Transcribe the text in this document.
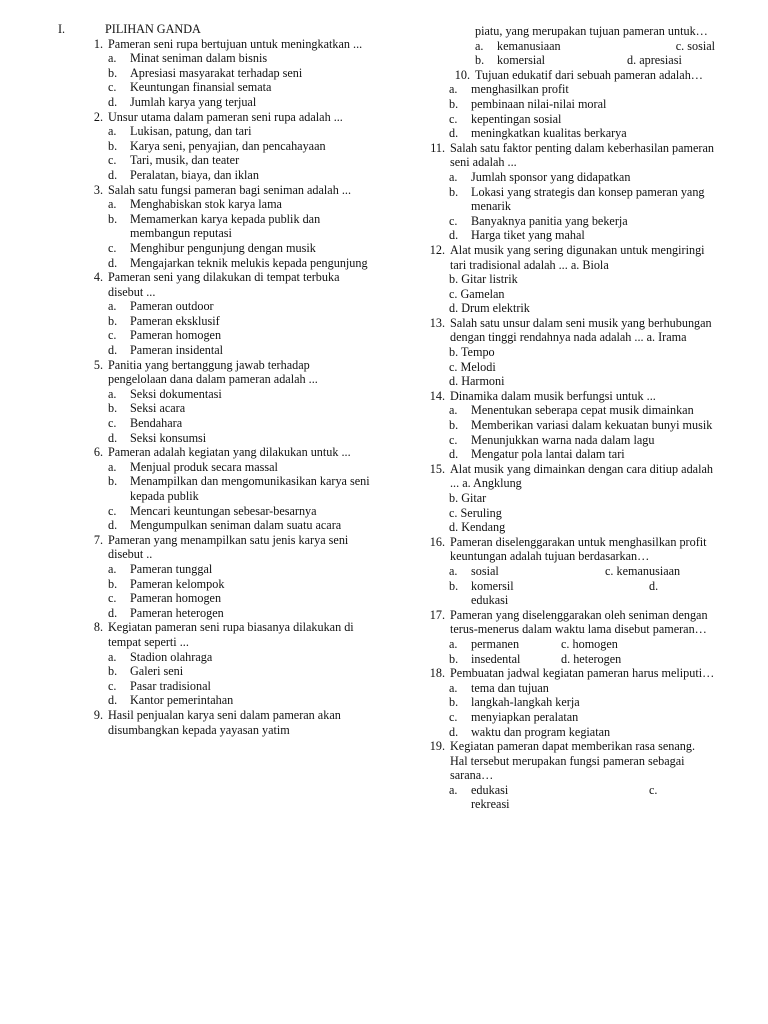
I.	PILIHAN GANDA
1. Pameran seni rupa bertujuan untuk meningkatkan ...
a.	Minat seniman dalam bisnis
b.	Apresiasi masyarakat terhadap seni
c.	Keuntungan finansial semata
d.	Jumlah karya yang terjual
2. Unsur utama dalam pameran seni rupa adalah ...
a.	Lukisan, patung, dan tari
b.	Karya seni, penyajian, dan pencahayaan
c.	Tari, musik, dan teater
d.	Peralatan, biaya, dan iklan
3. Salah satu fungsi pameran bagi seniman adalah ...
a.	Menghabiskan stok karya lama
b.	Memamerkan karya kepada publik dan membangun reputasi
c.	Menghibur pengunjung dengan musik
d.	Mengajarkan teknik melukis kepada pengunjung
4. Pameran seni yang dilakukan di tempat terbuka disebut ...
a.	Pameran outdoor
b.	Pameran eksklusif
c.	Pameran homogen
d.	Pameran insidental
5. Panitia yang bertanggung jawab terhadap pengelolaan dana dalam pameran adalah ...
a.	Seksi dokumentasi
b.	Seksi acara
c.	Bendahara
d.	Seksi konsumsi
6. Pameran adalah kegiatan yang dilakukan untuk ...
a.	Menjual produk secara massal
b.	Menampilkan dan mengomunikasikan karya seni kepada publik
c.	Mencari keuntungan sebesar-besarnya
d.	Mengumpulkan seniman dalam suatu acara
7. Pameran yang menampilkan satu jenis karya seni disebut ..
a.	Pameran tunggal
b.	Pameran kelompok
c.	Pameran homogen
d.	Pameran heterogen
8. Kegiatan pameran seni rupa biasanya dilakukan di tempat seperti ...
a.	Stadion olahraga
b.	Galeri seni
c.	Pasar tradisional
d.	Kantor pemerintahan
9. Hasil penjualan karya seni dalam pameran akan disumbangkan kepada yayasan yatim
piatu, yang merupakan tujuan pameran untuk…
a.	kemanusiaan	c. sosial
b.	komersial	d. apresiasi
10. Tujuan edukatif dari sebuah pameran adalah…
a.	menghasilkan profit
b.	pembinaan nilai-nilai moral
c.	kepentingan sosial
d.	meningkatkan kualitas berkarya
11. Salah satu faktor penting dalam keberhasilan pameran seni adalah ...
a.	Jumlah sponsor yang didapatkan
b.	Lokasi yang strategis dan konsep pameran yang menarik
c.	Banyaknya panitia yang bekerja
d.	Harga tiket yang mahal
12. Alat musik yang sering digunakan untuk mengiringi tari tradisional adalah ... a. Biola
b. Gitar listrik
c. Gamelan
d. Drum elektrik
13. Salah satu unsur dalam seni musik yang berhubungan dengan tinggi rendahnya nada adalah ... a. Irama
b. Tempo
c. Melodi
d. Harmoni
14. Dinamika dalam musik berfungsi untuk ...
a.	Menentukan seberapa cepat musik dimainkan
b.	Memberikan variasi dalam kekuatan bunyi musik
c.	Menunjukkan warna nada dalam lagu
d.	Mengatur pola lantai dalam tari
15. Alat musik yang dimainkan dengan cara ditiup adalah ... a. Angklung
b. Gitar
c. Seruling
d. Kendang
16. Pameran diselenggarakan untuk menghasilkan profit keuntungan adalah tujuan berdasarkan…
a.	sosial	c. kemanusiaan
b.	komersil	d.
edukasi
17. Pameran yang diselenggarakan oleh seniman dengan terus-menerus dalam waktu lama disebut pameran…
a.	permanen	c. homogen
b.	insedental	d. heterogen
18. Pembuatan jadwal kegiatan pameran harus meliputi…
a.	tema dan tujuan
b.	langkah-langkah kerja
c.	menyiapkan peralatan
d.	waktu dan program kegiatan
19. Kegiatan pameran dapat memberikan rasa senang. Hal tersebut merupakan fungsi pameran sebagai sarana…
a.	edukasi	c.
rekreasi
